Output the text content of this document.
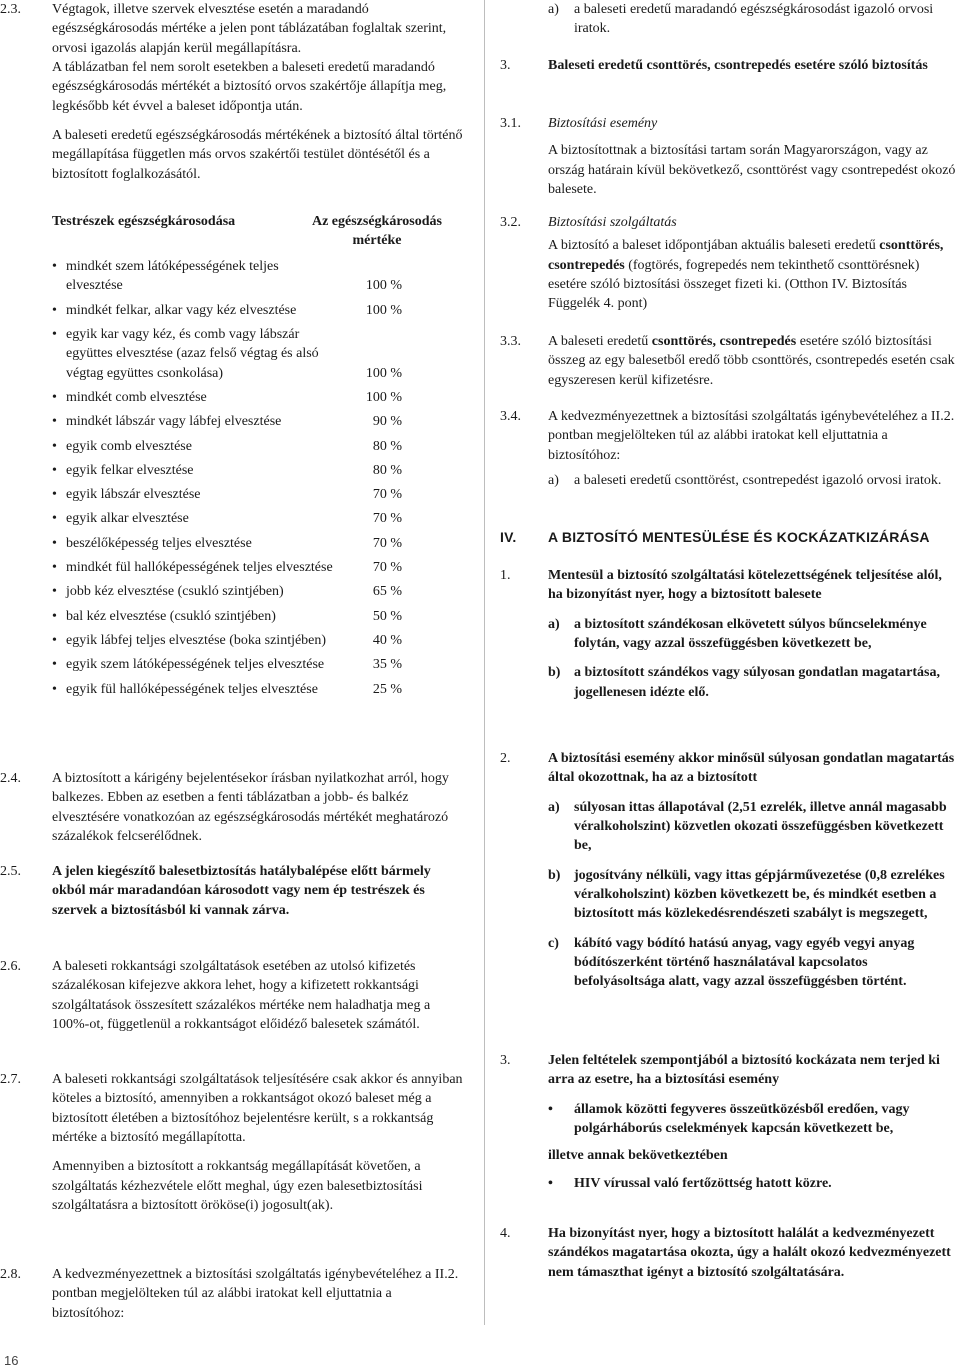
2.3. Végtagok, illetve szervek elvesztése esetén a maradandó egészségkárosodás mértéke a jelen pont táblázatában foglaltak szerint, orvosi igazolás alapján kerül megállapításra.

A táblázatban fel nem sorolt esetekben a baleseti eredetű maradandó egészségkárosodás mértékét a biztosító orvos szakértője állapítja meg, legkésőbb két évvel a baleset időpontja után.

A baleseti eredetű egészségkárosodás mértékének a biztosító által történő megállapítása független más orvos szakértői testület döntésétől és a biztosított foglalkozásától.

Testrészek egészségkárosodása	Az egészségkárosodás mértéke
• mindkét szem látóképességének teljes elvesztése	100 %
• mindkét felkar, alkar vagy kéz elvesztése	100 %
• egyik kar vagy kéz, és comb vagy lábszár együttes elvesztése (azaz felső végtag és alsó végtag együttes csonkolása)	100 %
• mindkét comb elvesztése	100 %
• mindkét lábszár vagy lábfej elvesztése	90 %
• egyik comb elvesztése	80 %
• egyik felkar elvesztése	80 %
• egyik lábszár elvesztése	70 %
• egyik alkar elvesztése	70 %
• beszélőképesség teljes elvesztése	70 %
• mindkét fül hallóképességének teljes elvesztése	70 %
• jobb kéz elvesztése (csukló szintjében)	65 %
• bal kéz elvesztése (csukló szintjében)	50 %
• egyik lábfej teljes elvesztése (boka szintjében)	40 %
• egyik szem látóképességének teljes elvesztése	35 %
• egyik fül hallóképességének teljes elvesztése	25 %
2.4. A biztosított a kárigény bejelentésekor írásban nyilatkozhat arról, hogy balkezes. Ebben az esetben a fenti táblázatban a jobb- és balkéz elvesztésére vonatkozóan az egészségkárosodás mértékét meghatározó százalékok felcserélődnek.

2.5. A jelen kiegészítő balesetbiztosítás hatálybalépése előtt bármely okból már maradandóan károsodott vagy nem ép testrészek és szervek a biztosításból ki vannak zárva.

2.6. A baleseti rokkantsági szolgáltatások esetében az utolsó kifizetés százalékosan kifejezve akkora lehet, hogy a kifizetett rokkantsági szolgáltatások összesített százalékos mértéke nem haladhatja meg a 100%-ot, függetlenül a rokkantságot előidéző balesetek számától.

2.7. A baleseti rokkantsági szolgáltatások teljesítésére csak akkor és annyiban köteles a biztosító, amennyiben a rokkantságot okozó baleset még a biztosított életében a biztosítóhoz bejelentésre került, s a rokkantság mértéke a biztosító megállapította.

Amennyiben a biztosított a rokkantság megállapítását követően, a szolgáltatás kézhezvétele előtt meghal, úgy ezen balesetbiztosítási szolgáltatásra a biztosított örököse(i) jogosult(ak).

2.8. A kedvezményezettnek a biztosítási szolgáltatás igénybevételéhez a II.2. pontban megjelölteken túl az alábbi iratokat kell eljuttatnia a biztosítóhoz:

a) a baleseti eredetű maradandó egészségkárosodást igazoló orvosi iratok.

3.	Baleseti eredetű csonttörés, csontrepedés esetére szóló biztosítás

3.1. Biztosítási esemény

A biztosítottnak a biztosítási tartam során Magyarországon, vagy az ország határain kívül bekövetkező, csonttörést vagy csontrepedést okozó balesete.

3.2. Biztosítási szolgáltatás

A biztosító a baleset időpontjában aktuális baleseti eredetű csonttörés, csontrepedés (fogtörés, fogrepedés nem tekinthető csonttörésnek) esetére szóló biztosítási összeget fizeti ki. (Otthon IV. Biztosítás Függelék 4. pont)

3.3. A baleseti eredetű csonttörés, csontrepedés esetére szóló biztosítási összeg az egy balesetből eredő több csonttörés, csontrepedés esetén csak egyszeresen kerül kifizetésre.

3.4. A kedvezményezettnek a biztosítási szolgáltatás igénybevételéhez a II.2. pontban megjelölteken túl az alábbi iratokat kell eljuttatnia a biztosítóhoz:

a) a baleseti eredetű csonttörést, csontrepedést igazoló orvosi iratok.

IV. A BIZTOSÍTÓ MENTESÜLÉSE ÉS KOCKÁZATKIZÁRÁSA

1.	Mentesül a biztosító szolgáltatási kötelezettségének teljesítése alól, ha bizonyítást nyer, hogy a biztosított balesete

a) a biztosított szándékosan elkövetett súlyos bűncselekménye folytán, vagy azzal összefüggésben következett be,

b) a biztosított szándékos vagy súlyosan gondatlan magatartása, jogellenesen idézte elő.

2.	A biztosítási esemény akkor minősül súlyosan gondatlan magatartás által okozottnak, ha az a biztosított

a) súlyosan ittas állapotával (2,51 ezrelék, illetve annál magasabb véralkoholszint) közvetlen okozati összefüggésben következett be,

b) jogosítvány nélküli, vagy ittas gépjárművezetése (0,8 ezrelékes véralkoholszint) közben következett be, és mindkét esetben a biztosított más közlekedésrendészeti szabályt is megszegett,

c) kábító vagy bódító hatású anyag, vagy egyéb vegyi anyag bódítószerként történő használatával kapcsolatos befolyásoltsága alatt, vagy azzal összefüggésben történt.

3.	Jelen feltételek szempontjából a biztosító kockázata nem terjed ki arra az esetre, ha a biztosítási esemény

• államok közötti fegyveres összeütközésből eredően, vagy polgárháborús cselekmények kapcsán következett be,

illetve annak bekövetkeztében

• HIV vírussal való fertőzöttség hatott közre.

4.	Ha bizonyítást nyer, hogy a biztosított halálát a kedvezményezett szándékos magatartása okozta, úgy a halált okozó kedvezményezett nem támaszthat igényt a biztosító szolgáltatására.

16
